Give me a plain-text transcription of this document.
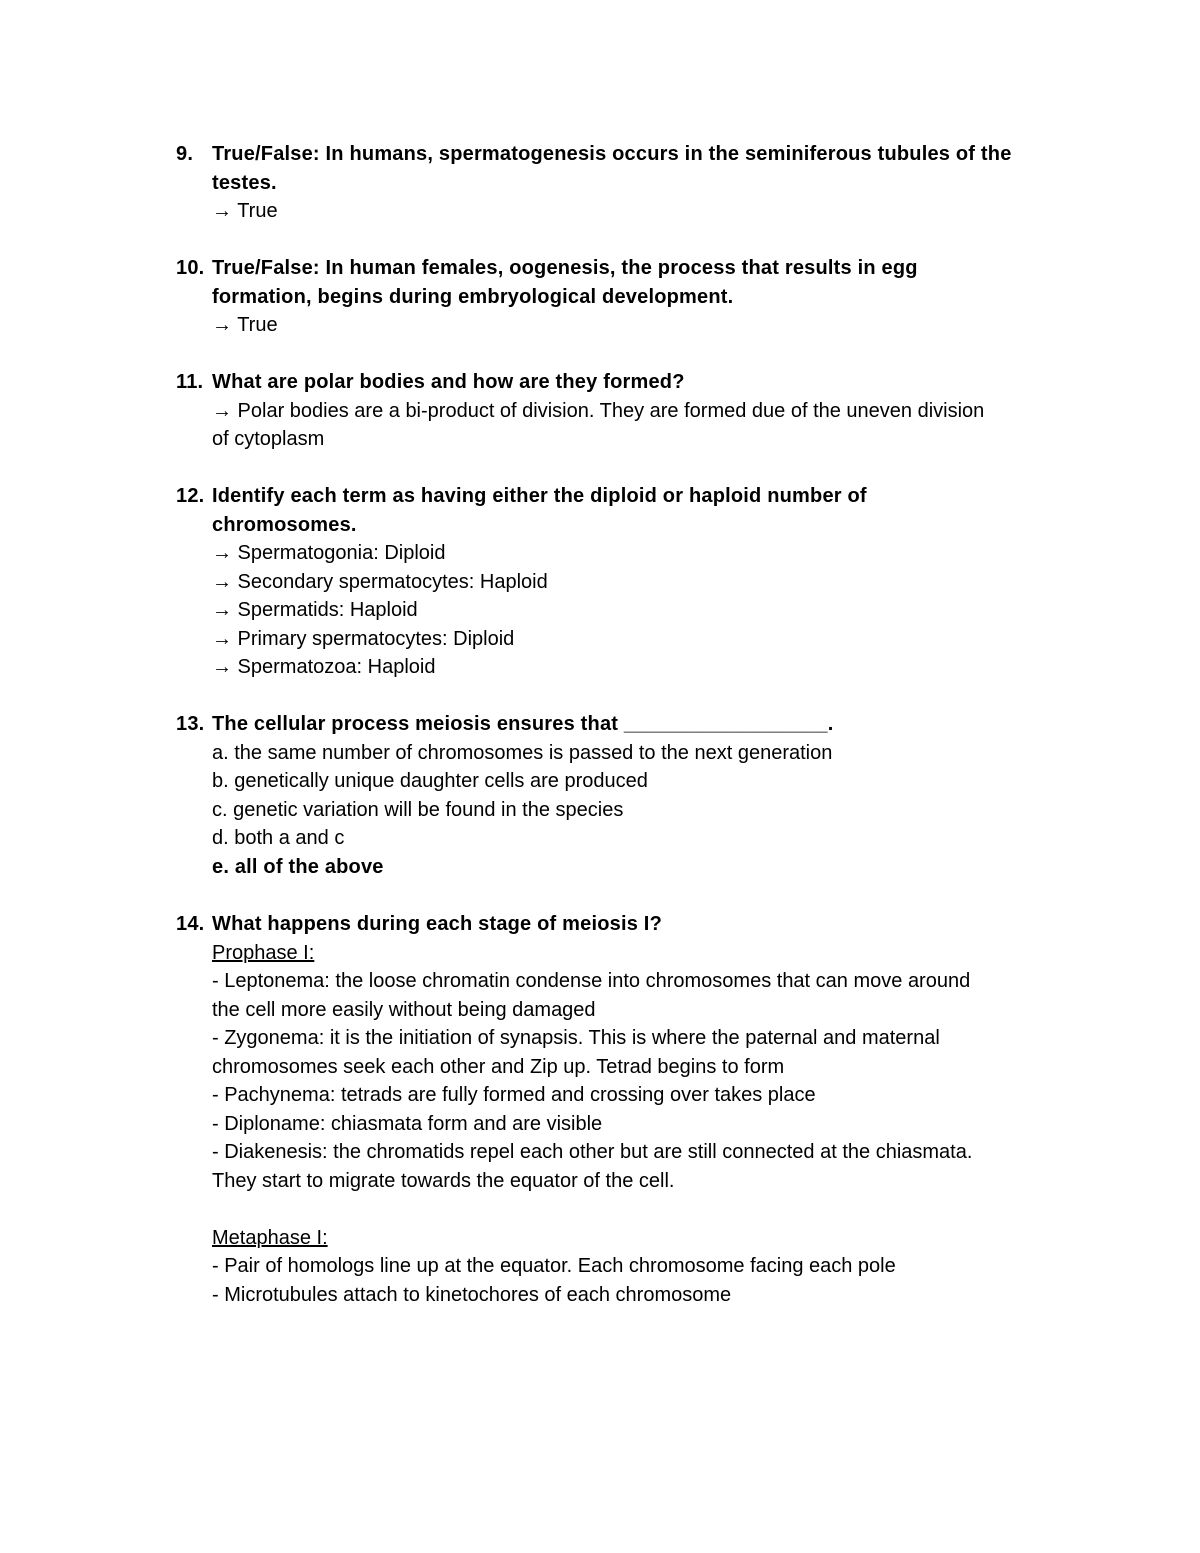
9. True/False: In humans, spermatogenesis occurs in the seminiferous tubules of the
testes.
→ True
10. True/False: In human females, oogenesis, the process that results in egg
formation, begins during embryological development.
→ True
11. What are polar bodies and how are they formed?
→ Polar bodies are a bi-product of division. They are formed due of the uneven division
of cytoplasm
12. Identify each term as having either the diploid or haploid number of
chromosomes.
→ Spermatogonia: Diploid
→ Secondary spermatocytes: Haploid
→ Spermatids: Haploid
→ Primary spermatocytes: Diploid
→ Spermatozoa: Haploid
13. The cellular process meiosis ensures that __________________.
a. the same number of chromosomes is passed to the next generation
b. genetically unique daughter cells are produced
c. genetic variation will be found in the species
d. both a and c
e. all of the above
14. What happens during each stage of meiosis I?
Prophase I:
- Leptonema: the loose chromatin condense into chromosomes that can move around
the cell more easily without being damaged
- Zygonema: it is the initiation of synapsis. This is where the paternal and maternal
chromosomes seek each other and Zip up. Tetrad begins to form
- Pachynema: tetrads are fully formed and crossing over takes place
- Diploname: chiasmata form and are visible
- Diakenesis: the chromatids repel each other but are still connected at the chiasmata.
They start to migrate towards the equator of the cell.
Metaphase I:
- Pair of homologs line up at the equator. Each chromosome facing each pole
- Microtubules attach to kinetochores of each chromosome
